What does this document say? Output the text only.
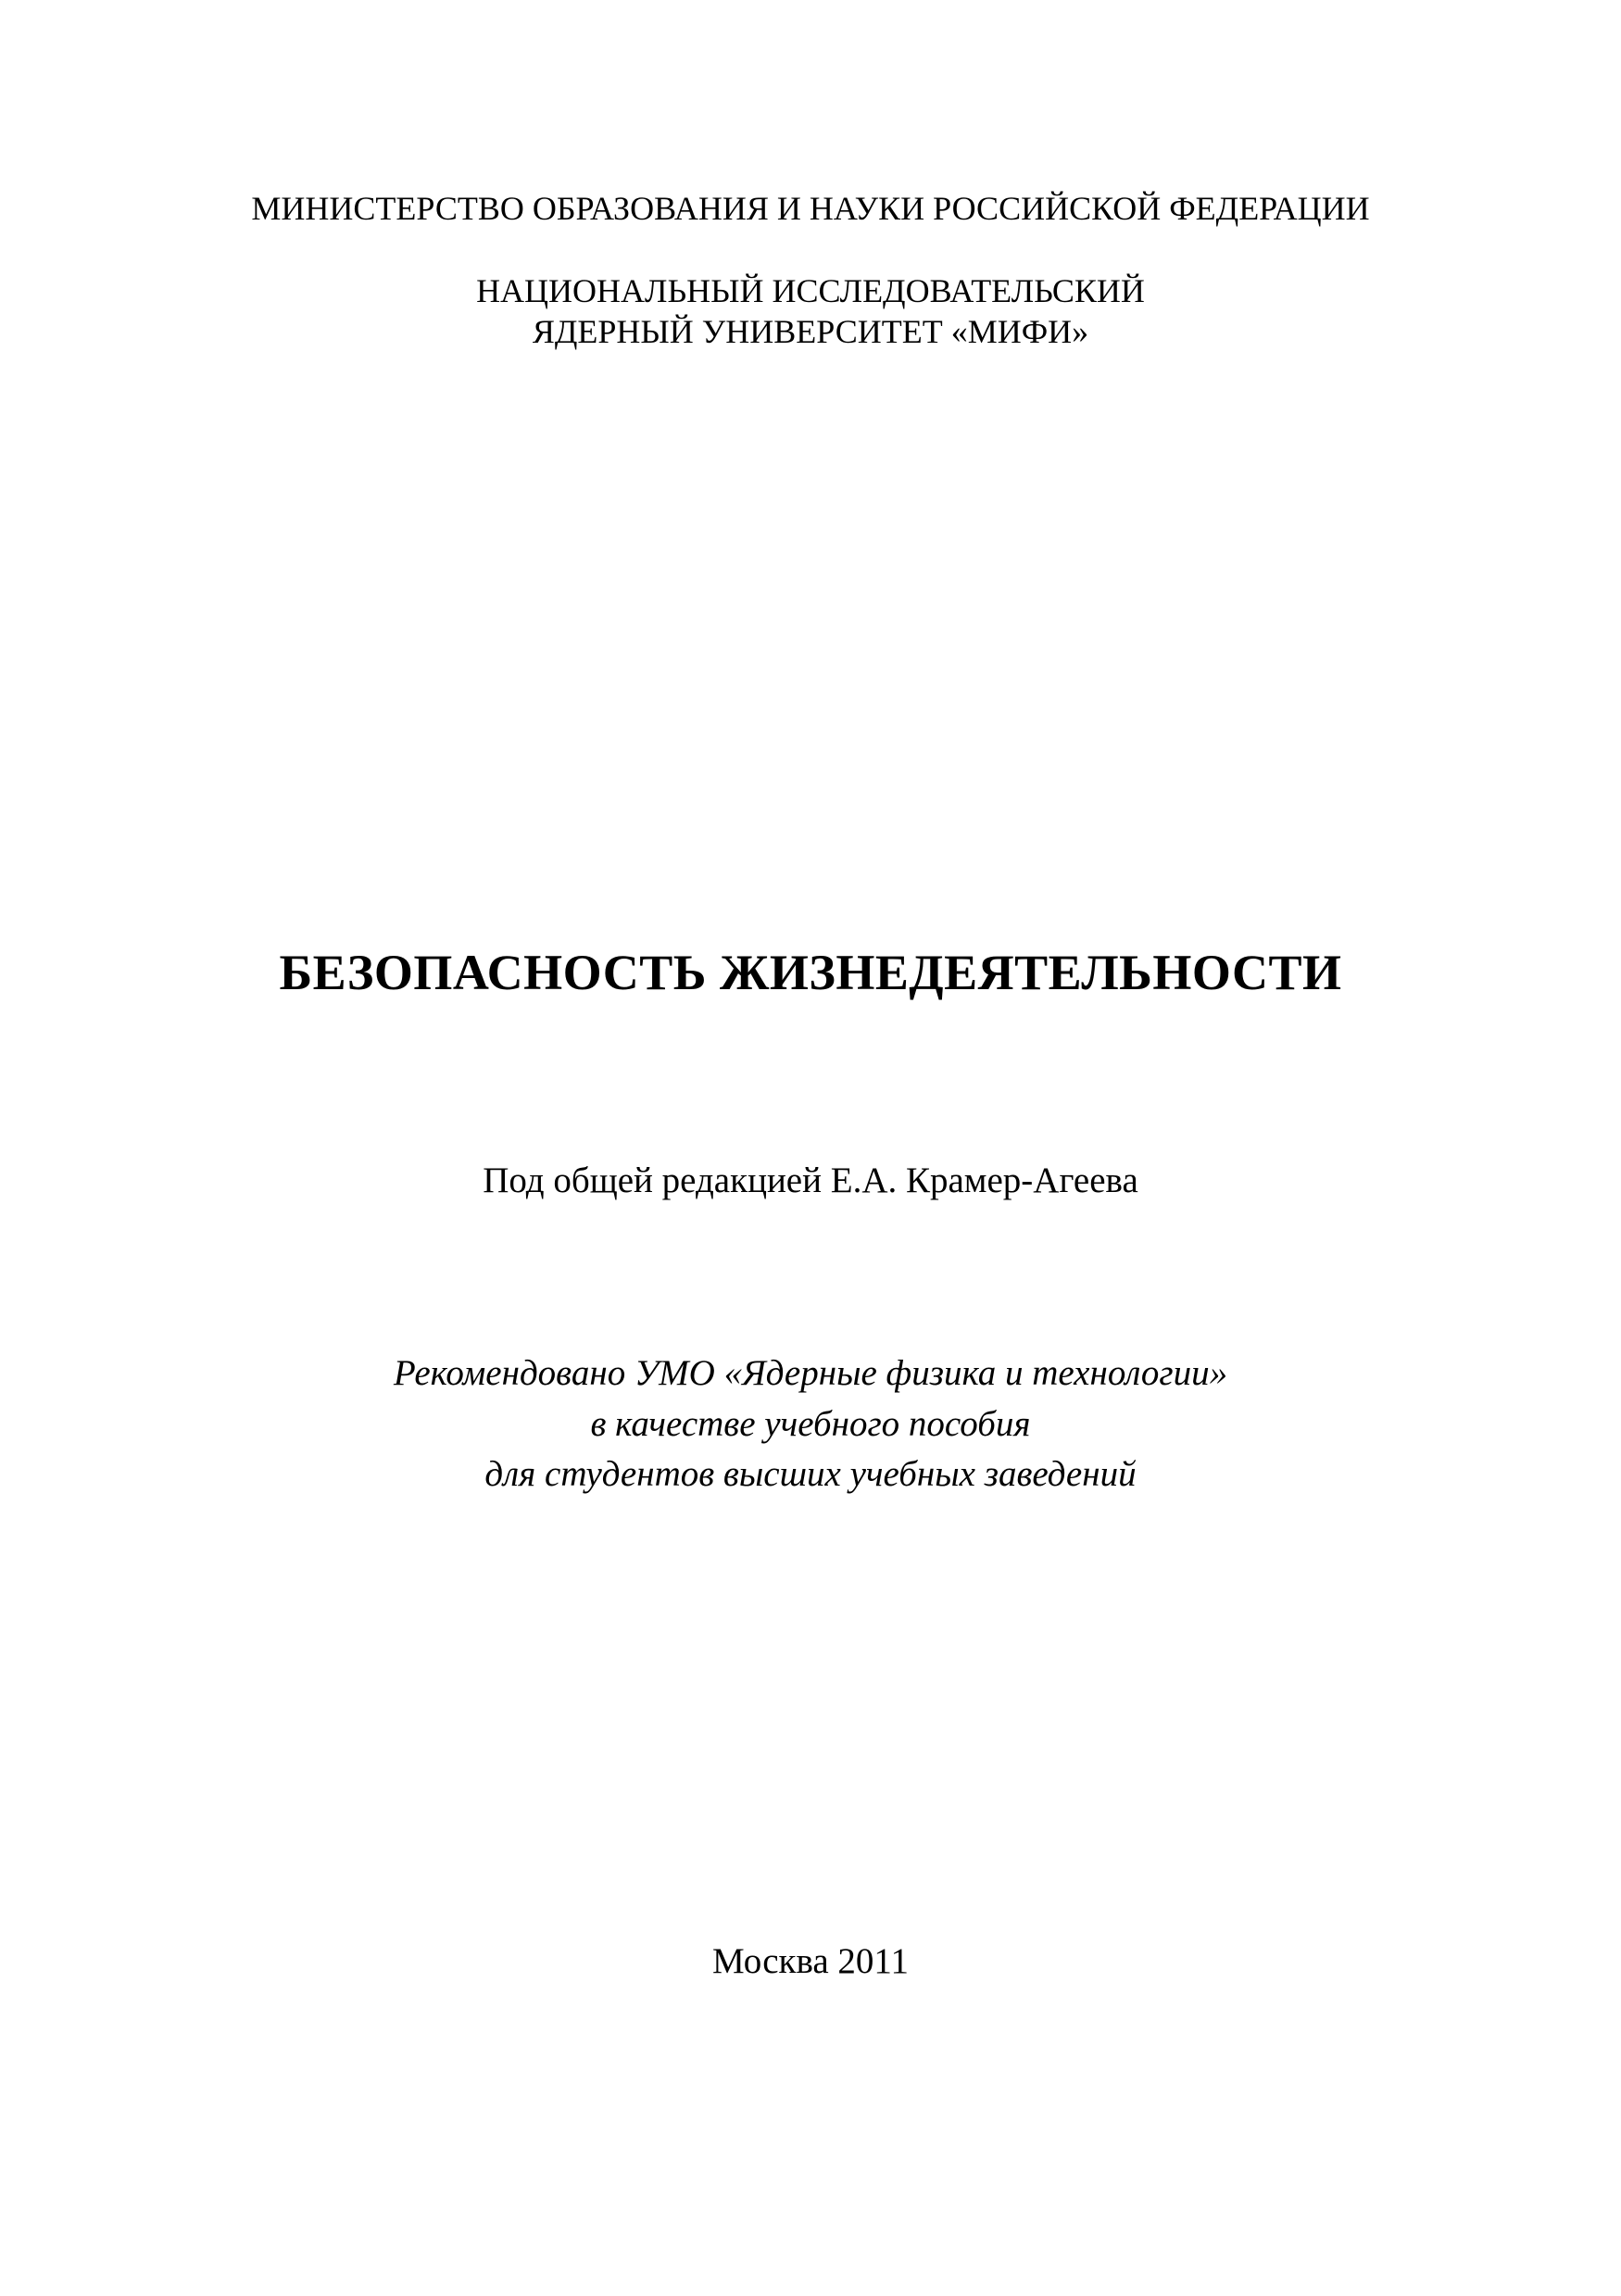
МИНИСТЕРСТВО ОБРАЗОВАНИЯ И НАУКИ РОССИЙСКОЙ ФЕДЕРАЦИИ

НАЦИОНАЛЬНЫЙ ИССЛЕДОВАТЕЛЬСКИЙ

ЯДЕРНЫЙ УНИВЕРСИТЕТ «МИФИ»

БЕЗОПАСНОСТЬ ЖИЗНЕДЕЯТЕЛЬНОСТИ

Под общей редакцией Е.А. Крамер-Агеева

Рекомендовано УМО «Ядерные физика и технологии»

в качестве учебного пособия

для студентов высших учебных заведений

Москва 2011
